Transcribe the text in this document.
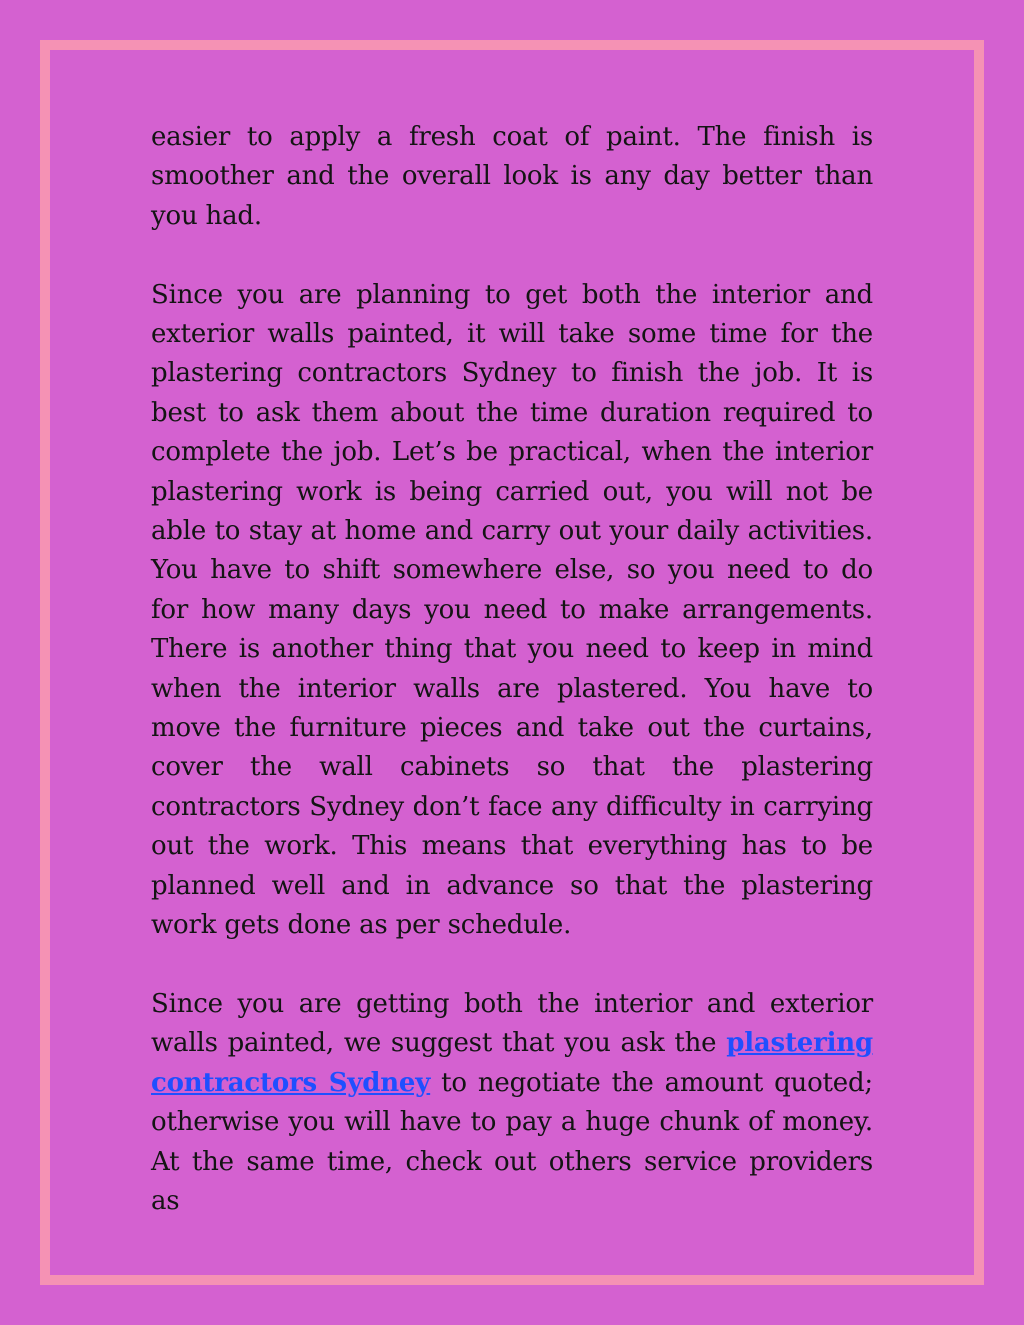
easier to apply a fresh coat of paint. The finish is smoother and the overall look is any day better than you had.

Since you are planning to get both the interior and exterior walls painted, it will take some time for the plastering contractors Sydney to finish the job. It is best to ask them about the time duration required to complete the job. Let’s be practical, when the interior plastering work is being carried out, you will not be able to stay at home and carry out your daily activities. You have to shift somewhere else, so you need to do for how many days you need to make arrangements. There is another thing that you need to keep in mind when the interior walls are plastered. You have to move the furniture pieces and take out the curtains, cover the wall cabinets so that the plastering contractors Sydney don’t face any difficulty in carrying out the work. This means that everything has to be planned well and in advance so that the plastering work gets done as per schedule.

Since you are getting both the interior and exterior walls painted, we suggest that you ask the plastering contractors Sydney to negotiate the amount quoted; otherwise you will have to pay a huge chunk of money. At the same time, check out others service providers as
